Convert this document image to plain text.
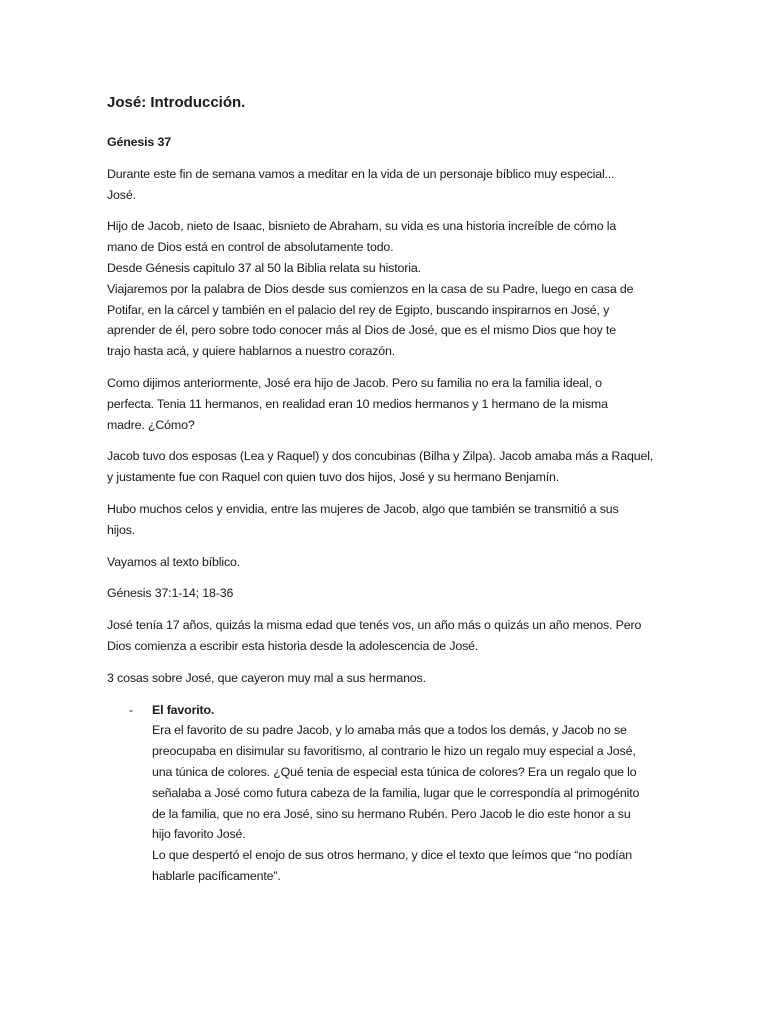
José: Introducción.
Génesis 37

Durante este fin de semana vamos a meditar en la vida de un personaje bíblico muy especial...
José.

Hijo de Jacob, nieto de Isaac, bisnieto de Abraham, su vida es una historia increíble de cómo la
mano de Dios está en control de absolutamente todo.
Desde Génesis capitulo 37 al 50 la Biblia relata su historia.
Viajaremos por la palabra de Dios desde sus comienzos en la casa de su Padre, luego en casa de
Potifar, en la cárcel y también en el palacio del rey de Egipto, buscando inspirarnos en José, y
aprender de él, pero sobre todo conocer más al Dios de José, que es el mismo Dios que hoy te
trajo hasta acá, y quiere hablarnos a nuestro corazón.

Como dijimos anteriormente, José era hijo de Jacob. Pero su familia no era la familia ideal, o
perfecta. Tenia 11 hermanos, en realidad eran 10 medios hermanos y 1 hermano de la misma
madre. ¿Cómo?

Jacob tuvo dos esposas (Lea y Raquel) y dos concubinas (Bilha y Zilpa). Jacob amaba más a Raquel,
y justamente fue con Raquel con quien tuvo dos hijos, José y su hermano Benjamín.

Hubo muchos celos y envidia, entre las mujeres de Jacob, algo que también se transmitió a sus
hijos.

Vayamos al texto bíblico.

Génesis 37:1-14; 18-36

José tenía 17 años, quizás la misma edad que tenés vos, un año más o quizás un año menos. Pero
Dios comienza a escribir esta historia desde la adolescencia de José.

3 cosas sobre José, que cayeron muy mal a sus hermanos.

- El favorito.
Era el favorito de su padre Jacob, y lo amaba más que a todos los demás, y Jacob no se
preocupaba en disimular su favoritismo, al contrario le hizo un regalo muy especial a José,
una túnica de colores. ¿Qué tenia de especial esta túnica de colores? Era un regalo que lo
señalaba a José como futura cabeza de la familia, lugar que le correspondía al primogénito
de la familia, que no era José, sino su hermano Rubén. Pero Jacob le dio este honor a su
hijo favorito José.
Lo que despertó el enojo de sus otros hermano, y dice el texto que leímos que “no podían
hablarle pacíficamente”.
